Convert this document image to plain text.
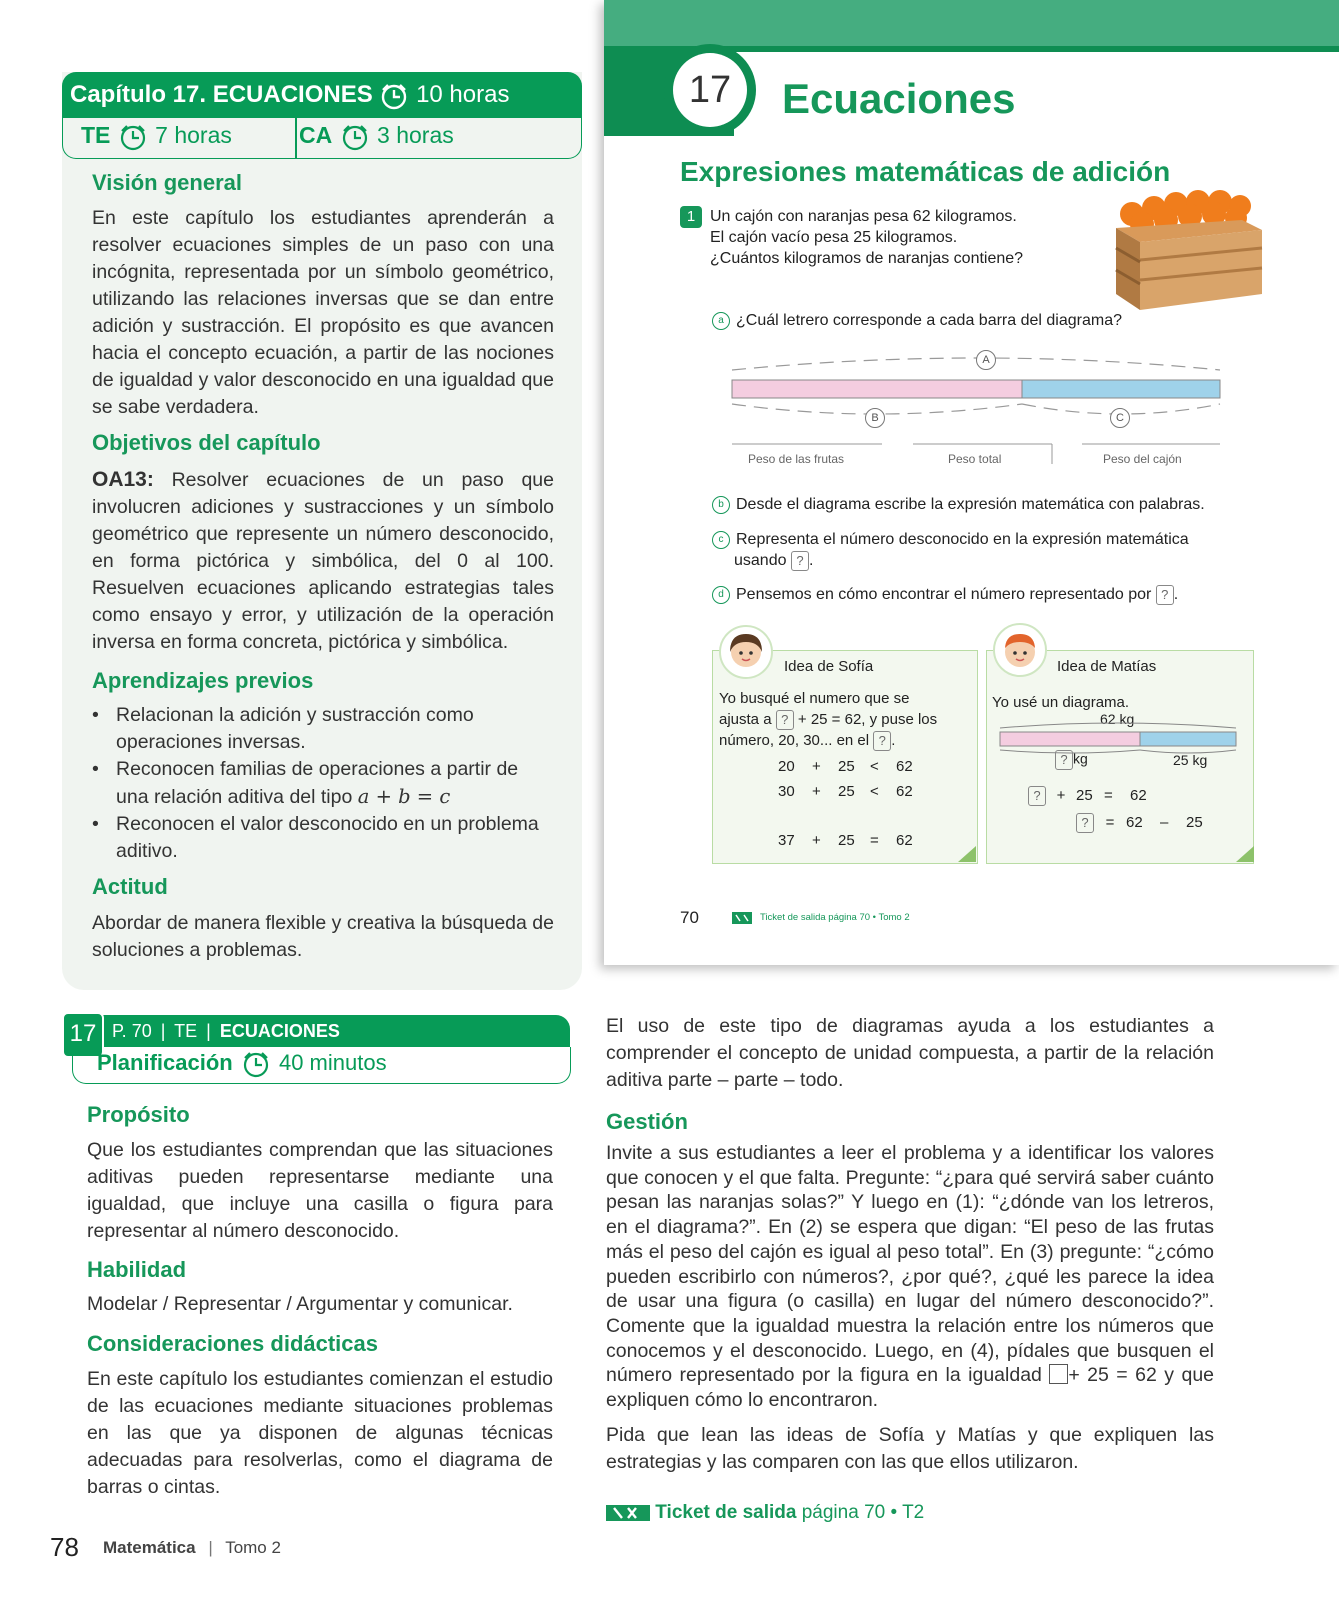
Capítulo 17. ECUACIONES 10 horas
TE 7 horas	CA 3 horas
Visión general
En este capítulo los estudiantes aprenderán a resolver ecuaciones simples de un paso con una incógnita, representada por un símbolo geométrico, utilizando las relaciones inversas que se dan entre adición y sustracción. El propósito es que avancen hacia el concepto ecuación, a partir de las nociones de igualdad y valor desconocido en una igualdad que se sabe verdadera.
Objetivos del capítulo
OA13: Resolver ecuaciones de un paso que involucren adiciones y sustracciones y un símbolo geométrico que represente un número desconocido, en forma pictórica y simbólica, del 0 al 100. Resuelven ecuaciones aplicando estrategias tales como ensayo y error, y utilización de la operación inversa en forma concreta, pictórica y simbólica.
Aprendizajes previos
• Relacionan la adición y sustracción como operaciones inversas.
• Reconocen familias de operaciones a partir de una relación aditiva del tipo a + b = c
• Reconocen el valor desconocido en un problema aditivo.
Actitud
Abordar de manera flexible y creativa la búsqueda de soluciones a problemas.
17	Ecuaciones
Expresiones matemáticas de adición
1 Un cajón con naranjas pesa 62 kilogramos.
El cajón vacío pesa 25 kilogramos.
¿Cuántos kilogramos de naranjas contiene?
a ¿Cuál letrero corresponde a cada barra del diagrama?
A
B	C
Peso de las frutas	Peso total	Peso del cajón
b Desde el diagrama escribe la expresión matemática con palabras.
c Representa el número desconocido en la expresión matemática
usando ? .
d Pensemos en cómo encontrar el número representado por ? .
Idea de Sofía
Yo busqué el numero que se
ajusta a ? + 25 = 62, y puse los
número, 20, 30... en el ? .
20 + 25 < 62
30 + 25 < 62
37 + 25 = 62
Idea de Matías
Yo usé un diagrama.
62 kg
? kg	25 kg
? + 25 = 62
? = 62 – 25
70	Ticket de salida página 70 • Tomo 2
P. 70 | TE | ECUACIONES
17
Planificación 40 minutos
Propósito
Que los estudiantes comprendan que las situaciones aditivas pueden representarse mediante una igualdad, que incluye una casilla o figura para representar al número desconocido.
Habilidad
Modelar / Representar / Argumentar y comunicar.
Consideraciones didácticas
En este capítulo los estudiantes comienzan el estudio de las ecuaciones mediante situaciones problemas en las que ya disponen de algunas técnicas adecuadas para resolverlas, como el diagrama de barras o cintas.
El uso de este tipo de diagramas ayuda a los estudiantes a comprender el concepto de unidad compuesta, a partir de la relación aditiva parte – parte – todo.
Gestión
Invite a sus estudiantes a leer el problema y a identificar los valores que conocen y el que falta. Pregunte: “¿para qué servirá saber cuánto pesan las naranjas solas?” Y luego en (1): “¿dónde van los letreros, en el diagrama?”. En (2) se espera que digan: “El peso de las frutas más el peso del cajón es igual al peso total”. En (3) pregunte: “¿cómo pueden escribirlo con números?, ¿por qué?, ¿qué les parece la idea de usar una figura (o casilla) en lugar del número desconocido?”. Comente que la igualdad muestra la relación entre los números que conocemos y el desconocido. Luego, en (4), pídales que busquen el número representado por la figura en la igualdad + 25 = 62 y que expliquen cómo lo encontraron.
Pida que lean las ideas de Sofía y Matías y que expliquen las estrategias y las comparen con las que ellos utilizaron.
Ticket de salida página 70 • T2
78 Matemática | Tomo 2
